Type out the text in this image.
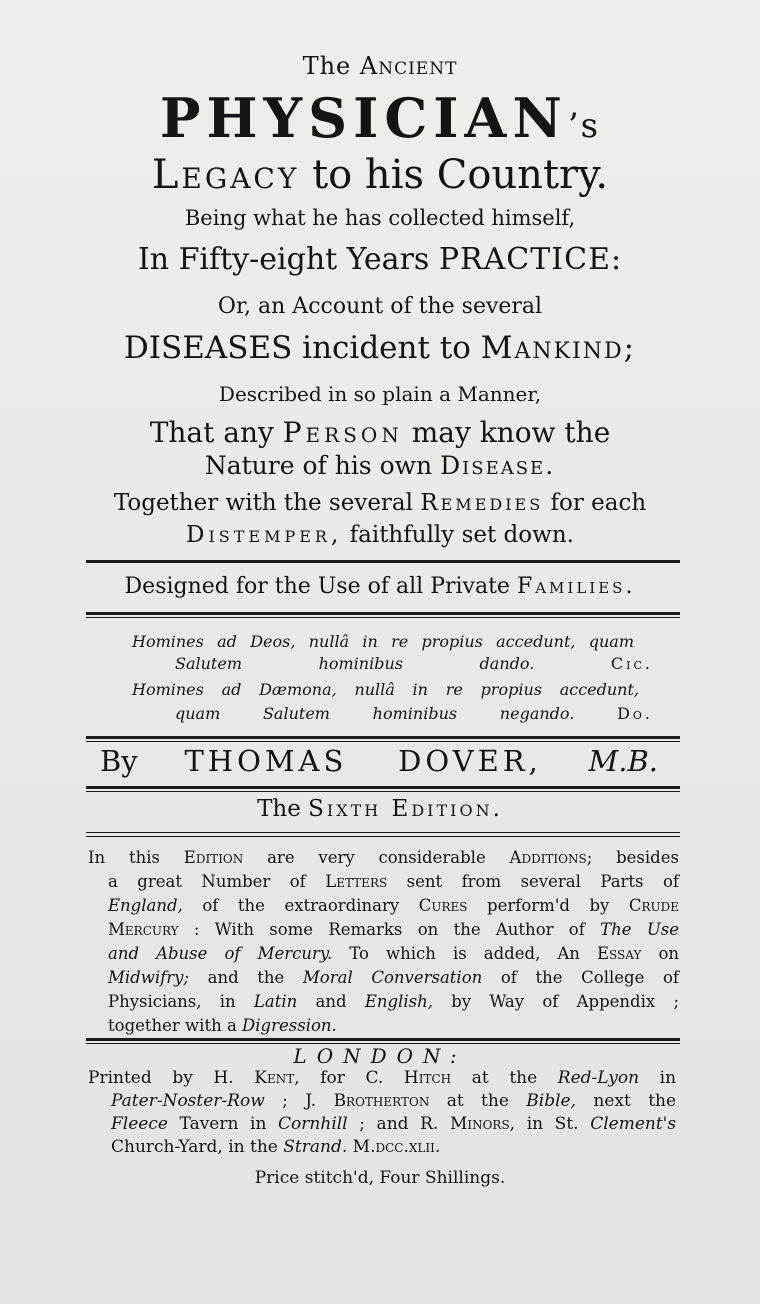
The Ancient
PHYSICIAN’s
Legacy to his Country.
Being what he has collected himself,
In Fifty-eight Years PRACTICE:
Or, an Account of the several
DISEASES incident to Mankind;
Described in so plain a Manner,
That any Person may know the
Nature of his own Disease.
Together with the several Remedies for each
Distemper, faithfully set down.
Designed for the Use of all Private Families.
Homines ad Deos, nullâ in re propius accedunt, quam
Salutem hominibus dando.	Cic.
Homines ad Dæmona, nullâ in re propius accedunt,
quam Salutem hominibus negando.	Do.
By THOMAS DOVER, M.B.
The Sixth Edition.
In this Edition are very considerable Additions; besides
a great Number of Letters sent from several Parts of
England, of the extraordinary Cures perform'd by Crude
Mercury : With some Remarks on the Author of The Use
and Abuse of Mercury. To which is added, An Essay on
Midwifry; and the Moral Conversation of the College of
Physicians, in Latin and English, by Way of Appendix ;
together with a Digression.
LONDON:
Printed by H. Kent, for C. Hitch at the Red-Lyon in
Pater-Noster-Row ; J. Brotherton at the Bible, next the
Fleece Tavern in Cornhill ; and R. Minors, in St. Clement's
Church-Yard, in the Strand. M.dcc.xlii.
Price stitch'd, Four Shillings.
